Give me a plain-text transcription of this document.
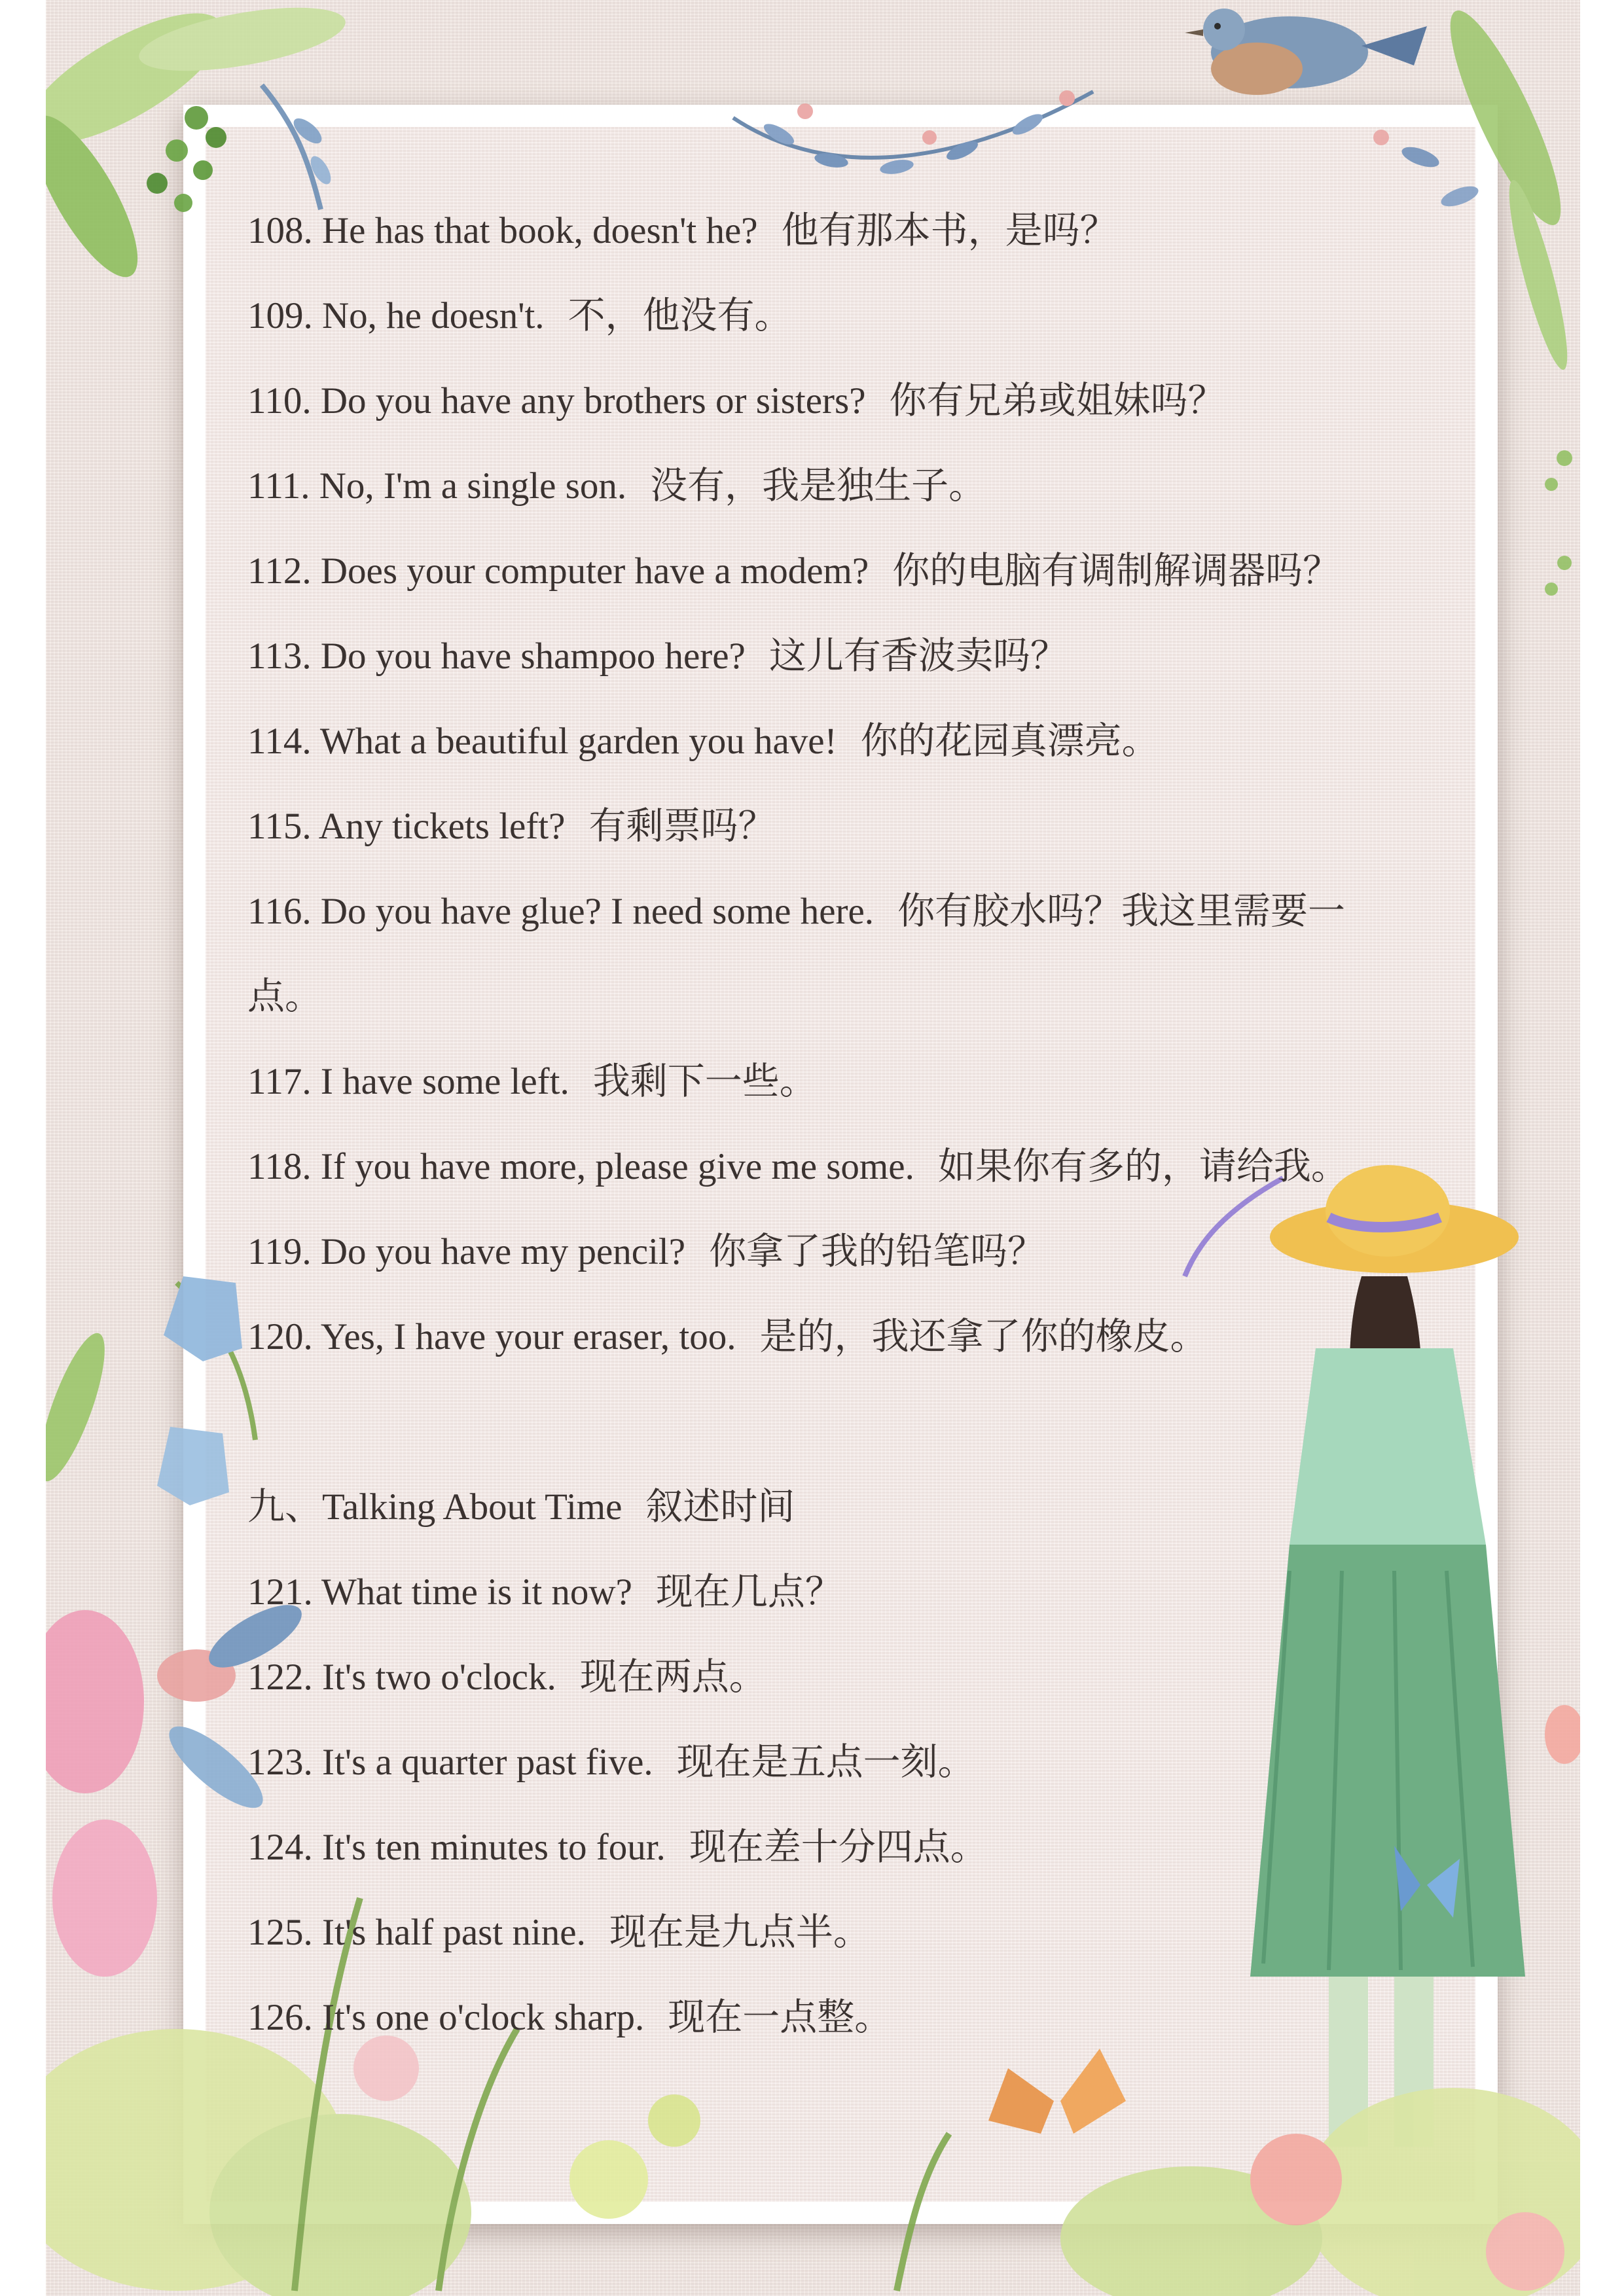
108. He has that book, doesn't he? 他有那本书，是吗？
109. No, he doesn't. 不，他没有。
110. Do you have any brothers or sisters? 你有兄弟或姐妹吗？
111. No, I'm a single son. 没有，我是独生子。
112. Does your computer have a modem? 你的电脑有调制解调器吗？
113. Do you have shampoo here? 这儿有香波卖吗？
114. What a beautiful garden you have! 你的花园真漂亮。
115. Any tickets left? 有剩票吗？
116. Do you have glue? I need some here. 你有胶水吗？我这里需要一
点。
117. I have some left. 我剩下一些。
118. If you have more, please give me some. 如果你有多的，请给我。
119. Do you have my pencil? 你拿了我的铅笔吗？
120. Yes, I have your eraser, too. 是的，我还拿了你的橡皮。
九、Talking About Time 叙述时间
121. What time is it now? 现在几点？
122. It's two o'clock. 现在两点。
123. It's a quarter past five. 现在是五点一刻。
124. It's ten minutes to four. 现在差十分四点。
125. It's half past nine. 现在是九点半。
126. It's one o'clock sharp. 现在一点整。
